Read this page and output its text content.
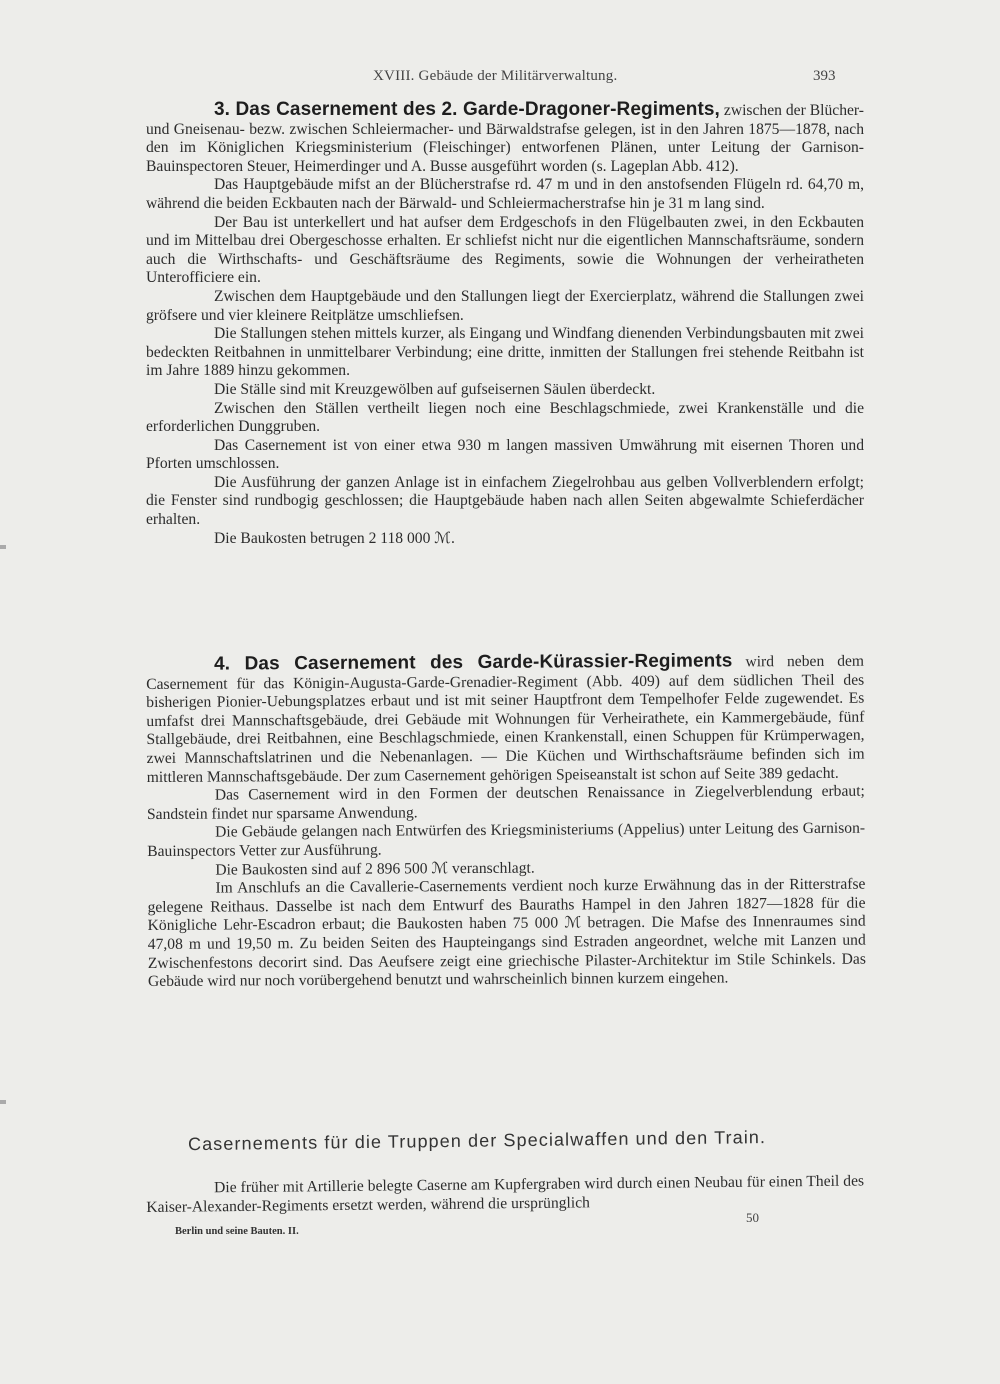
XVIII. Gebäude der Militärverwaltung.	393

3. Das Casernement des 2. Garde-Dragoner-Regiments, zwischen der Blücher- und Gneisenau- bezw. zwischen Schleiermacher- und Bärwaldstrafse gelegen, ist in den Jahren 1875—1878, nach den im Königlichen Kriegsministerium (Fleischinger) entworfenen Plänen, unter Leitung der Garnison-Bauinspectoren Steuer, Heimerdinger und A. Busse ausgeführt worden (s. Lageplan Abb. 412).

Das Hauptgebäude mifst an der Blücherstrafse rd. 47 m und in den anstofsenden Flügeln rd. 64,70 m, während die beiden Eckbauten nach der Bärwald- und Schleiermacherstrafse hin je 31 m lang sind.

Der Bau ist unterkellert und hat aufser dem Erdgeschofs in den Flügelbauten zwei, in den Eckbauten und im Mittelbau drei Obergeschosse erhalten. Er schliefst nicht nur die eigentlichen Mannschaftsräume, sondern auch die Wirthschafts- und Geschäftsräume des Regiments, sowie die Wohnungen der verheiratheten Unterofficiere ein.

Zwischen dem Hauptgebäude und den Stallungen liegt der Exercierplatz, während die Stallungen zwei gröfsere und vier kleinere Reitplätze umschliefsen.

Die Stallungen stehen mittels kurzer, als Eingang und Windfang dienenden Verbindungsbauten mit zwei bedeckten Reitbahnen in unmittelbarer Verbindung; eine dritte, inmitten der Stallungen frei stehende Reitbahn ist im Jahre 1889 hinzu gekommen.

Die Ställe sind mit Kreuzgewölben auf gufseisernen Säulen überdeckt.

Zwischen den Ställen vertheilt liegen noch eine Beschlagschmiede, zwei Krankenställe und die erforderlichen Dunggruben.

Das Casernement ist von einer etwa 930 m langen massiven Umwährung mit eisernen Thoren und Pforten umschlossen.

Die Ausführung der ganzen Anlage ist in einfachem Ziegelrohbau aus gelben Vollverblendern erfolgt; die Fenster sind rundbogig geschlossen; die Hauptgebäude haben nach allen Seiten abgewalmte Schieferdächer erhalten.

Die Baukosten betrugen 2 118 000 ℳ.

4. Das Casernement des Garde-Kürassier-Regiments wird neben dem Casernement für das Königin-Augusta-Garde-Grenadier-Regiment (Abb. 409) auf dem südlichen Theil des bisherigen Pionier-Uebungsplatzes erbaut und ist mit seiner Hauptfront dem Tempelhofer Felde zugewendet. Es umfafst drei Mannschaftsgebäude, drei Gebäude mit Wohnungen für Verheirathete, ein Kammergebäude, fünf Stallgebäude, drei Reitbahnen, eine Beschlagschmiede, einen Krankenstall, einen Schuppen für Krümperwagen, zwei Mannschaftslatrinen und die Nebenanlagen. — Die Küchen und Wirthschaftsräume befinden sich im mittleren Mannschaftsgebäude. Der zum Casernement gehörigen Speiseanstalt ist schon auf Seite 389 gedacht.

Das Casernement wird in den Formen der deutschen Renaissance in Ziegelverblendung erbaut; Sandstein findet nur sparsame Anwendung.

Die Gebäude gelangen nach Entwürfen des Kriegsministeriums (Appelius) unter Leitung des Garnison-Bauinspectors Vetter zur Ausführung.

Die Baukosten sind auf 2 896 500 ℳ veranschlagt.

Im Anschlufs an die Cavallerie-Casernements verdient noch kurze Erwähnung das in der Ritterstrafse gelegene Reithaus. Dasselbe ist nach dem Entwurf des Bauraths Hampel in den Jahren 1827—1828 für die Königliche Lehr-Escadron erbaut; die Baukosten haben 75 000 ℳ betragen. Die Mafse des Innenraumes sind 47,08 m und 19,50 m. Zu beiden Seiten des Haupteingangs sind Estraden angeordnet, welche mit Lanzen und Zwischenfestons decorirt sind. Das Aeufsere zeigt eine griechische Pilaster-Architektur im Stile Schinkels. Das Gebäude wird nur noch vorübergehend benutzt und wahrscheinlich binnen kurzem eingehen.

Casernements für die Truppen der Specialwaffen und den Train.

Die früher mit Artillerie belegte Caserne am Kupfergraben wird durch einen Neubau für einen Theil des Kaiser-Alexander-Regiments ersetzt werden, während die ursprünglich

Berlin und seine Bauten. II.
50
